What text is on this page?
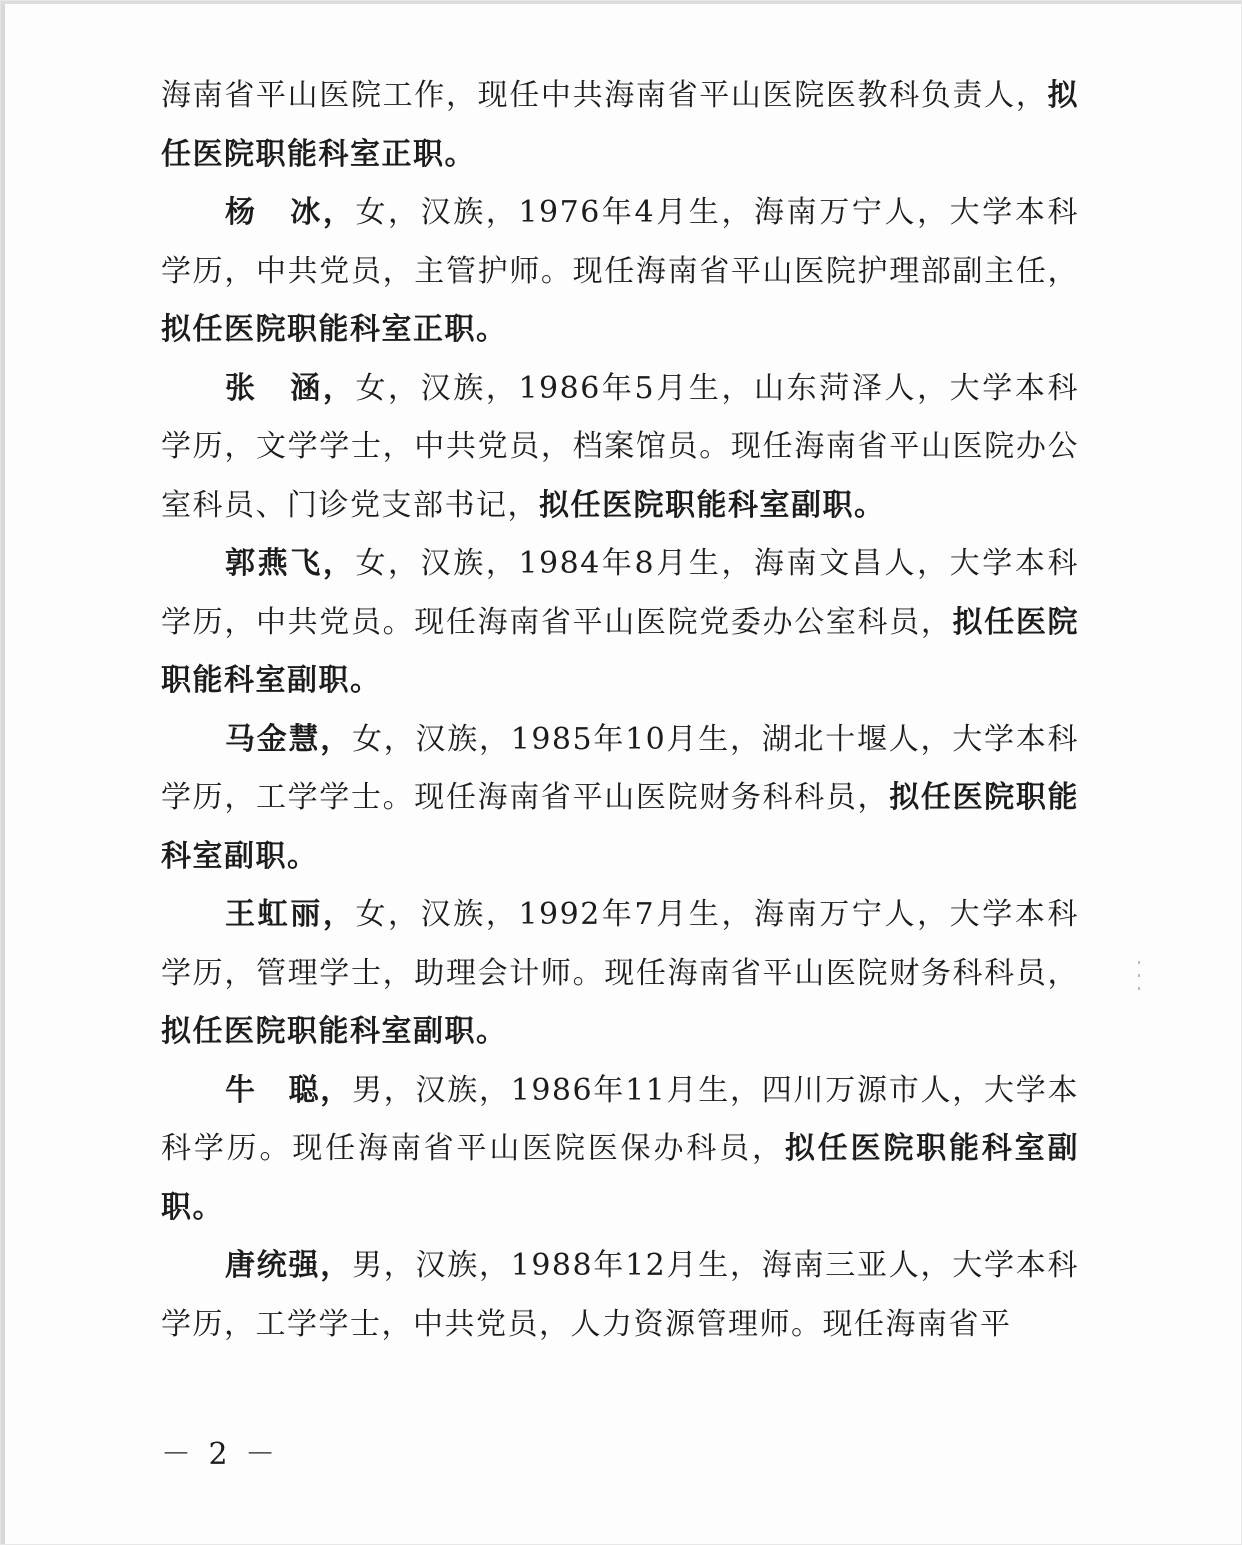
海南省平山医院工作，现任中共海南省平山医院医教科负责人，拟任医院职能科室正职。

杨　冰，女，汉族，1976年4月生，海南万宁人，大学本科学历，中共党员，主管护师。现任海南省平山医院护理部副主任，拟任医院职能科室正职。

张　涵，女，汉族，1986年5月生，山东菏泽人，大学本科学历，文学学士，中共党员，档案馆员。现任海南省平山医院办公室科员、门诊党支部书记，拟任医院职能科室副职。

郭燕飞，女，汉族，1984年8月生，海南文昌人，大学本科学历，中共党员。现任海南省平山医院党委办公室科员，拟任医院职能科室副职。

马金慧，女，汉族，1985年10月生，湖北十堰人，大学本科学历，工学学士。现任海南省平山医院财务科科员，拟任医院职能科室副职。

王虹丽，女，汉族，1992年7月生，海南万宁人，大学本科学历，管理学士，助理会计师。现任海南省平山医院财务科科员，拟任医院职能科室副职。

牛　聪，男，汉族，1986年11月生，四川万源市人，大学本科学历。现任海南省平山医院医保办科员，拟任医院职能科室副职。

唐统强，男，汉族，1988年12月生，海南三亚人，大学本科学历，工学学士，中共党员，人力资源管理师。现任海南省平

－ 2 －
